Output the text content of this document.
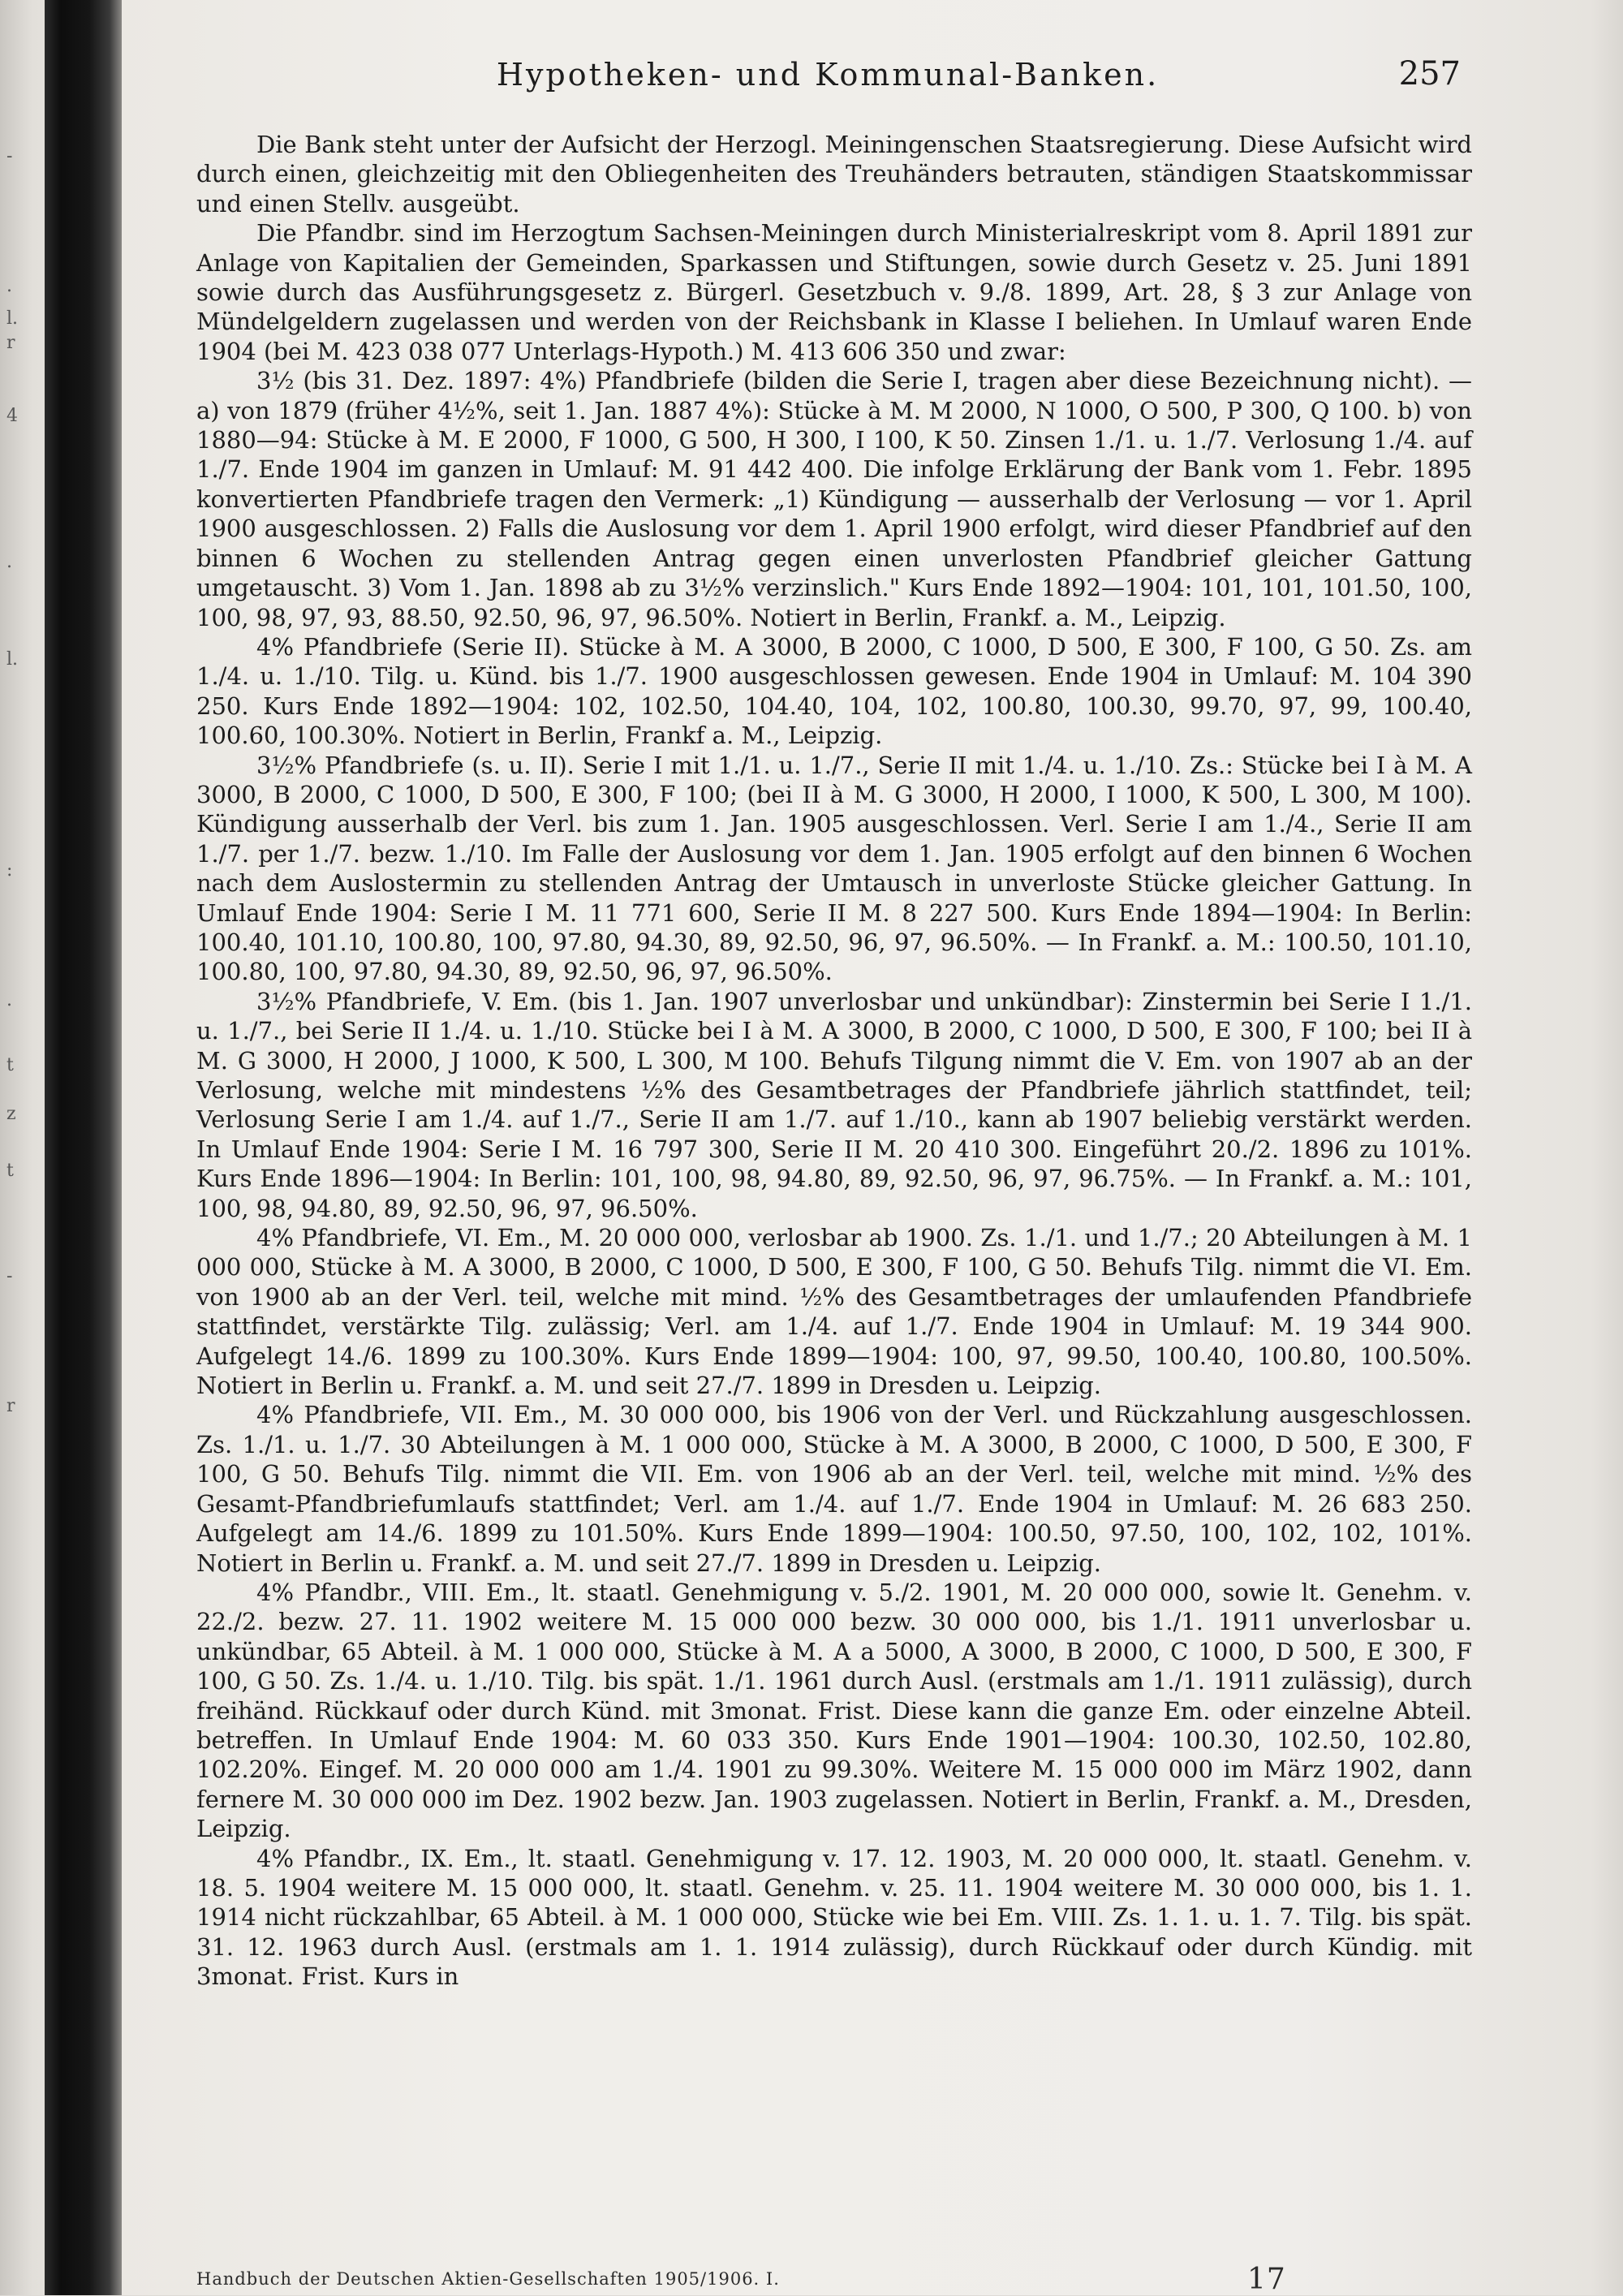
-
.
l.
r
4
.
l.
:
.
t
z
t
-
r
Hypotheken- und Kommunal-Banken.	257

Die Bank steht unter der Aufsicht der Herzogl. Meiningenschen Staatsregierung. Diese Aufsicht wird durch einen, gleichzeitig mit den Obliegenheiten des Treuhänders betrauten, ständigen Staatskommissar und einen Stellv. ausgeübt.

Die Pfandbr. sind im Herzogtum Sachsen-Meiningen durch Ministerialreskript vom 8. April 1891 zur Anlage von Kapitalien der Gemeinden, Sparkassen und Stiftungen, sowie durch Gesetz v. 25. Juni 1891 sowie durch das Ausführungsgesetz z. Bürgerl. Gesetzbuch v. 9./8. 1899, Art. 28, § 3 zur Anlage von Mündelgeldern zugelassen und werden von der Reichsbank in Klasse I beliehen. In Umlauf waren Ende 1904 (bei M. 423 038 077 Unterlags-Hypoth.) M. 413 606 350 und zwar:

3½ (bis 31. Dez. 1897: 4%) Pfandbriefe (bilden die Serie I, tragen aber diese Bezeichnung nicht). — a) von 1879 (früher 4½%, seit 1. Jan. 1887 4%): Stücke à M. M 2000, N 1000, O 500, P 300, Q 100. b) von 1880—94: Stücke à M. E 2000, F 1000, G 500, H 300, I 100, K 50. Zinsen 1./1. u. 1./7. Verlosung 1./4. auf 1./7. Ende 1904 im ganzen in Umlauf: M. 91 442 400. Die infolge Erklärung der Bank vom 1. Febr. 1895 konvertierten Pfandbriefe tragen den Vermerk: „1) Kündigung — ausserhalb der Verlosung — vor 1. April 1900 ausgeschlossen. 2) Falls die Auslosung vor dem 1. April 1900 erfolgt, wird dieser Pfandbrief auf den binnen 6 Wochen zu stellenden Antrag gegen einen unverlosten Pfandbrief gleicher Gattung umgetauscht. 3) Vom 1. Jan. 1898 ab zu 3½% verzinslich." Kurs Ende 1892—1904: 101, 101, 101.50, 100, 100, 98, 97, 93, 88.50, 92.50, 96, 97, 96.50%. Notiert in Berlin, Frankf. a. M., Leipzig.

4% Pfandbriefe (Serie II). Stücke à M. A 3000, B 2000, C 1000, D 500, E 300, F 100, G 50. Zs. am 1./4. u. 1./10. Tilg. u. Künd. bis 1./7. 1900 ausgeschlossen gewesen. Ende 1904 in Umlauf: M. 104 390 250. Kurs Ende 1892—1904: 102, 102.50, 104.40, 104, 102, 100.80, 100.30, 99.70, 97, 99, 100.40, 100.60, 100.30%. Notiert in Berlin, Frankf a. M., Leipzig.

3½% Pfandbriefe (s. u. II). Serie I mit 1./1. u. 1./7., Serie II mit 1./4. u. 1./10. Zs.: Stücke bei I à M. A 3000, B 2000, C 1000, D 500, E 300, F 100; (bei II à M. G 3000, H 2000, I 1000, K 500, L 300, M 100). Kündigung ausserhalb der Verl. bis zum 1. Jan. 1905 ausgeschlossen. Verl. Serie I am 1./4., Serie II am 1./7. per 1./7. bezw. 1./10. Im Falle der Auslosung vor dem 1. Jan. 1905 erfolgt auf den binnen 6 Wochen nach dem Auslostermin zu stellenden Antrag der Umtausch in unverloste Stücke gleicher Gattung. In Umlauf Ende 1904: Serie I M. 11 771 600, Serie II M. 8 227 500. Kurs Ende 1894—1904: In Berlin: 100.40, 101.10, 100.80, 100, 97.80, 94.30, 89, 92.50, 96, 97, 96.50%. — In Frankf. a. M.: 100.50, 101.10, 100.80, 100, 97.80, 94.30, 89, 92.50, 96, 97, 96.50%.

3½% Pfandbriefe, V. Em. (bis 1. Jan. 1907 unverlosbar und unkündbar): Zinstermin bei Serie I 1./1. u. 1./7., bei Serie II 1./4. u. 1./10. Stücke bei I à M. A 3000, B 2000, C 1000, D 500, E 300, F 100; bei II à M. G 3000, H 2000, J 1000, K 500, L 300, M 100. Behufs Tilgung nimmt die V. Em. von 1907 ab an der Verlosung, welche mit mindestens ½% des Gesamtbetrages der Pfandbriefe jährlich stattfindet, teil; Verlosung Serie I am 1./4. auf 1./7., Serie II am 1./7. auf 1./10., kann ab 1907 beliebig verstärkt werden. In Umlauf Ende 1904: Serie I M. 16 797 300, Serie II M. 20 410 300. Eingeführt 20./2. 1896 zu 101%. Kurs Ende 1896—1904: In Berlin: 101, 100, 98, 94.80, 89, 92.50, 96, 97, 96.75%. — In Frankf. a. M.: 101, 100, 98, 94.80, 89, 92.50, 96, 97, 96.50%.

4% Pfandbriefe, VI. Em., M. 20 000 000, verlosbar ab 1900. Zs. 1./1. und 1./7.; 20 Abteilungen à M. 1 000 000, Stücke à M. A 3000, B 2000, C 1000, D 500, E 300, F 100, G 50. Behufs Tilg. nimmt die VI. Em. von 1900 ab an der Verl. teil, welche mit mind. ½% des Gesamtbetrages der umlaufenden Pfandbriefe stattfindet, verstärkte Tilg. zulässig; Verl. am 1./4. auf 1./7. Ende 1904 in Umlauf: M. 19 344 900. Aufgelegt 14./6. 1899 zu 100.30%. Kurs Ende 1899—1904: 100, 97, 99.50, 100.40, 100.80, 100.50%. Notiert in Berlin u. Frankf. a. M. und seit 27./7. 1899 in Dresden u. Leipzig.

4% Pfandbriefe, VII. Em., M. 30 000 000, bis 1906 von der Verl. und Rückzahlung ausgeschlossen. Zs. 1./1. u. 1./7. 30 Abteilungen à M. 1 000 000, Stücke à M. A 3000, B 2000, C 1000, D 500, E 300, F 100, G 50. Behufs Tilg. nimmt die VII. Em. von 1906 ab an der Verl. teil, welche mit mind. ½% des Gesamt-Pfandbriefumlaufs stattfindet; Verl. am 1./4. auf 1./7. Ende 1904 in Umlauf: M. 26 683 250. Aufgelegt am 14./6. 1899 zu 101.50%. Kurs Ende 1899—1904: 100.50, 97.50, 100, 102, 102, 101%. Notiert in Berlin u. Frankf. a. M. und seit 27./7. 1899 in Dresden u. Leipzig.

4% Pfandbr., VIII. Em., lt. staatl. Genehmigung v. 5./2. 1901, M. 20 000 000, sowie lt. Genehm. v. 22./2. bezw. 27. 11. 1902 weitere M. 15 000 000 bezw. 30 000 000, bis 1./1. 1911 unverlosbar u. unkündbar, 65 Abteil. à M. 1 000 000, Stücke à M. A a 5000, A 3000, B 2000, C 1000, D 500, E 300, F 100, G 50. Zs. 1./4. u. 1./10. Tilg. bis spät. 1./1. 1961 durch Ausl. (erstmals am 1./1. 1911 zulässig), durch freihänd. Rückkauf oder durch Künd. mit 3monat. Frist. Diese kann die ganze Em. oder einzelne Abteil. betreffen. In Umlauf Ende 1904: M. 60 033 350. Kurs Ende 1901—1904: 100.30, 102.50, 102.80, 102.20%. Eingef. M. 20 000 000 am 1./4. 1901 zu 99.30%. Weitere M. 15 000 000 im März 1902, dann fernere M. 30 000 000 im Dez. 1902 bezw. Jan. 1903 zugelassen. Notiert in Berlin, Frankf. a. M., Dresden, Leipzig.

4% Pfandbr., IX. Em., lt. staatl. Genehmigung v. 17. 12. 1903, M. 20 000 000, lt. staatl. Genehm. v. 18. 5. 1904 weitere M. 15 000 000, lt. staatl. Genehm. v. 25. 11. 1904 weitere M. 30 000 000, bis 1. 1. 1914 nicht rückzahlbar, 65 Abteil. à M. 1 000 000, Stücke wie bei Em. VIII. Zs. 1. 1. u. 1. 7. Tilg. bis spät. 31. 12. 1963 durch Ausl. (erstmals am 1. 1. 1914 zulässig), durch Rückkauf oder durch Kündig. mit 3monat. Frist. Kurs in

Handbuch der Deutschen Aktien-Gesellschaften 1905/1906. I.	17
